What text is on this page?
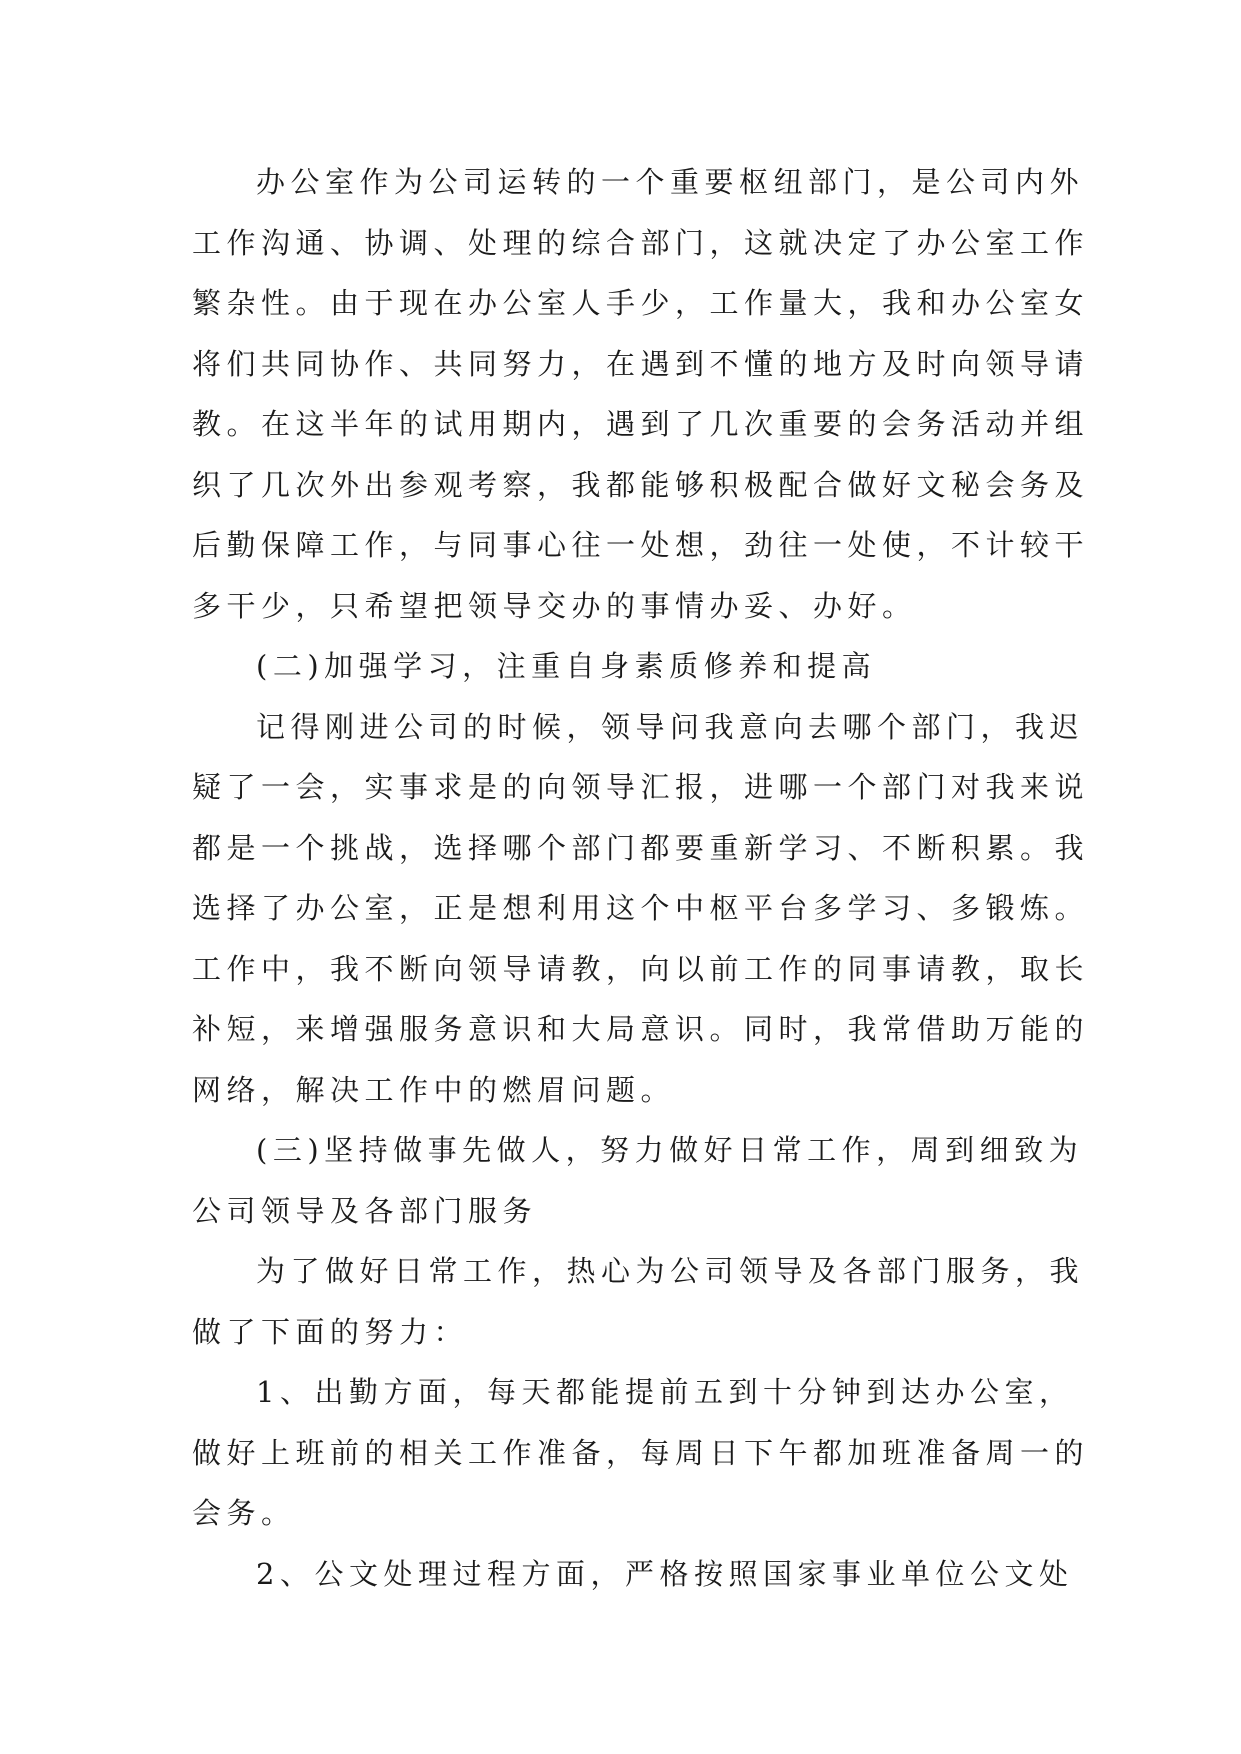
办公室作为公司运转的一个重要枢纽部门，是公司内外
工作沟通、协调、处理的综合部门，这就决定了办公室工作
繁杂性。由于现在办公室人手少，工作量大，我和办公室女
将们共同协作、共同努力，在遇到不懂的地方及时向领导请
教。在这半年的试用期内，遇到了几次重要的会务活动并组
织了几次外出参观考察，我都能够积极配合做好文秘会务及
后勤保障工作，与同事心往一处想，劲往一处使，不计较干
多干少，只希望把领导交办的事情办妥、办好。
(二)加强学习，注重自身素质修养和提高
记得刚进公司的时候，领导问我意向去哪个部门，我迟
疑了一会，实事求是的向领导汇报，进哪一个部门对我来说
都是一个挑战，选择哪个部门都要重新学习、不断积累。我
选择了办公室，正是想利用这个中枢平台多学习、多锻炼。
工作中，我不断向领导请教，向以前工作的同事请教，取长
补短，来增强服务意识和大局意识。同时，我常借助万能的
网络，解决工作中的燃眉问题。
(三)坚持做事先做人，努力做好日常工作，周到细致为
公司领导及各部门服务
为了做好日常工作，热心为公司领导及各部门服务，我
做了下面的努力：
1、出勤方面，每天都能提前五到十分钟到达办公室，
做好上班前的相关工作准备，每周日下午都加班准备周一的
会务。
2、公文处理过程方面，严格按照国家事业单位公文处
